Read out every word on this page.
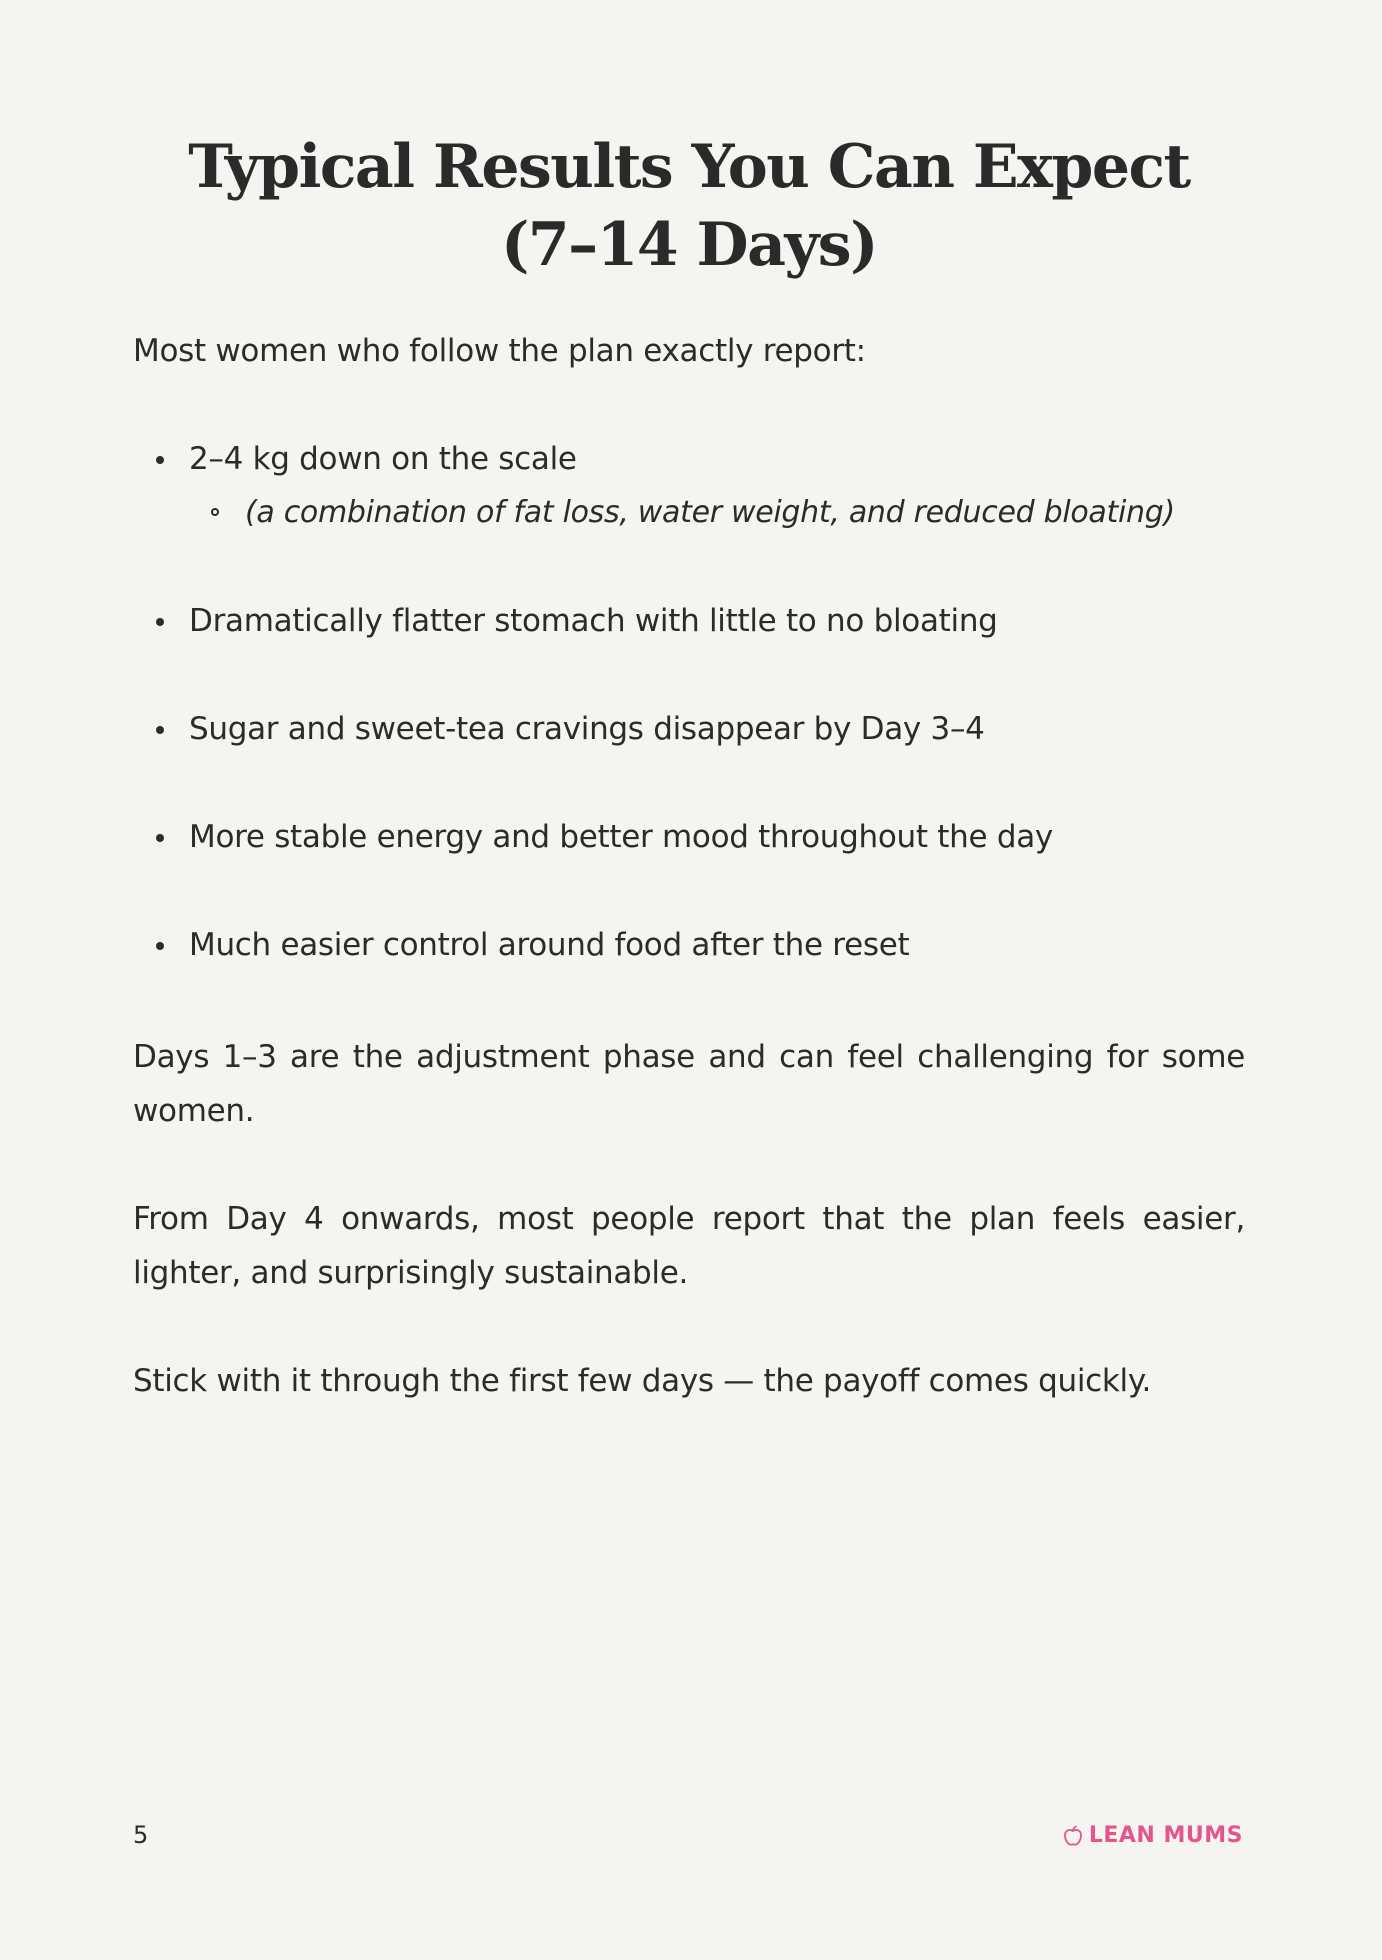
Typical Results You Can Expect (7–14 Days)

Most women who follow the plan exactly report:

2–4 kg down on the scale
(a combination of fat loss, water weight, and reduced bloating)
Dramatically flatter stomach with little to no bloating
Sugar and sweet-tea cravings disappear by Day 3–4
More stable energy and better mood throughout the day
Much easier control around food after the reset

Days 1–3 are the adjustment phase and can feel challenging for some women.

From Day 4 onwards, most people report that the plan feels easier, lighter, and surprisingly sustainable.

Stick with it through the first few days — the payoff comes quickly.

5	LEAN MUMS
